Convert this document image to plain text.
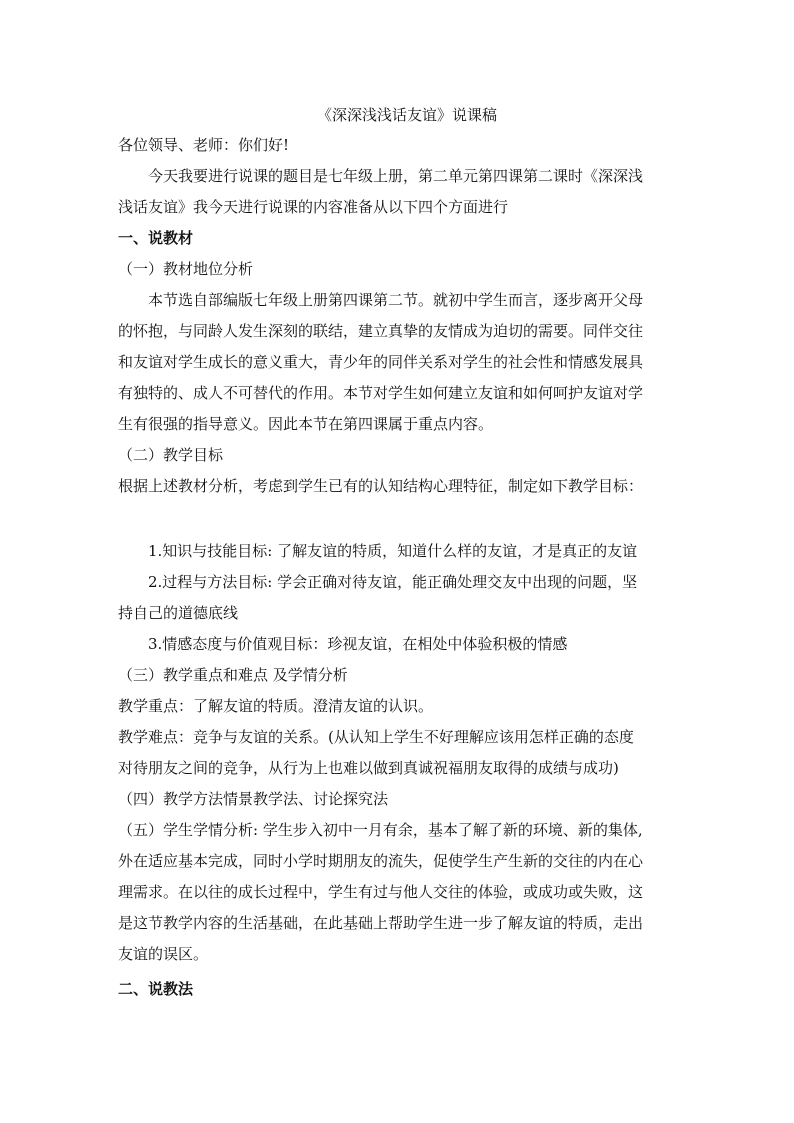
《深深浅浅话友谊》说课稿
各位领导、老师：你们好!
今天我要进行说课的题目是七年级上册，第二单元第四课第二课时《深深浅
浅话友谊》我今天进行说课的内容准备从以下四个方面进行
一、说教材
（一）教材地位分析
本节选自部编版七年级上册第四课第二节。就初中学生而言，逐步离开父母
的怀抱，与同龄人发生深刻的联结，建立真挚的友情成为迫切的需要。同伴交往
和友谊对学生成长的意义重大，青少年的同伴关系对学生的社会性和情感发展具
有独特的、成人不可替代的作用。本节对学生如何建立友谊和如何呵护友谊对学
生有很强的指导意义。因此本节在第四课属于重点内容。
（二）教学目标
根据上述教材分析，考虑到学生已有的认知结构心理特征，制定如下教学目标：
1.知识与技能目标: 了解友谊的特质，知道什么样的友谊，才是真正的友谊
2.过程与方法目标: 学会正确对待友谊，能正确处理交友中出现的问题，坚
持自己的道德底线
3.情感态度与价值观目标：珍视友谊，在相处中体验积极的情感
（三）教学重点和难点 及学情分析
教学重点：了解友谊的特质。澄清友谊的认识。
教学难点：竞争与友谊的关系。(从认知上学生不好理解应该用怎样正确的态度
对待朋友之间的竞争，从行为上也难以做到真诚祝福朋友取得的成绩与成功)
（四）教学方法情景教学法、讨论探究法
（五）学生学情分析: 学生步入初中一月有余，基本了解了新的环境、新的集体,
外在适应基本完成，同时小学时期朋友的流失，促使学生产生新的交往的内在心
理需求。在以往的成长过程中，学生有过与他人交往的体验，或成功或失败，这
是这节教学内容的生活基础，在此基础上帮助学生进一步了解友谊的特质，走出
友谊的误区。
二、说教法
